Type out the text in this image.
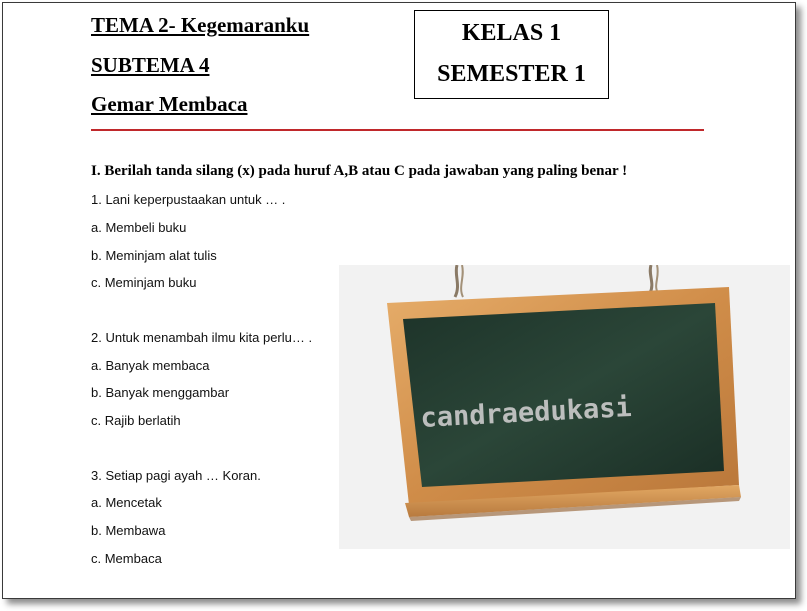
TEMA 2- Kegemaranku
SUBTEMA 4
Gemar Membaca
KELAS 1
SEMESTER 1
I. Berilah tanda silang (x) pada huruf A,B atau C pada jawaban yang paling benar !
1. Lani keperpustaakan untuk … .
a. Membeli buku
b. Meminjam alat tulis
c. Meminjam buku
2. Untuk menambah ilmu kita perlu… .
a. Banyak membaca
b. Banyak menggambar
c. Rajib berlatih
3. Setiap pagi ayah … Koran.
a. Mencetak
b. Membawa
c. Membaca
candraedukasi
